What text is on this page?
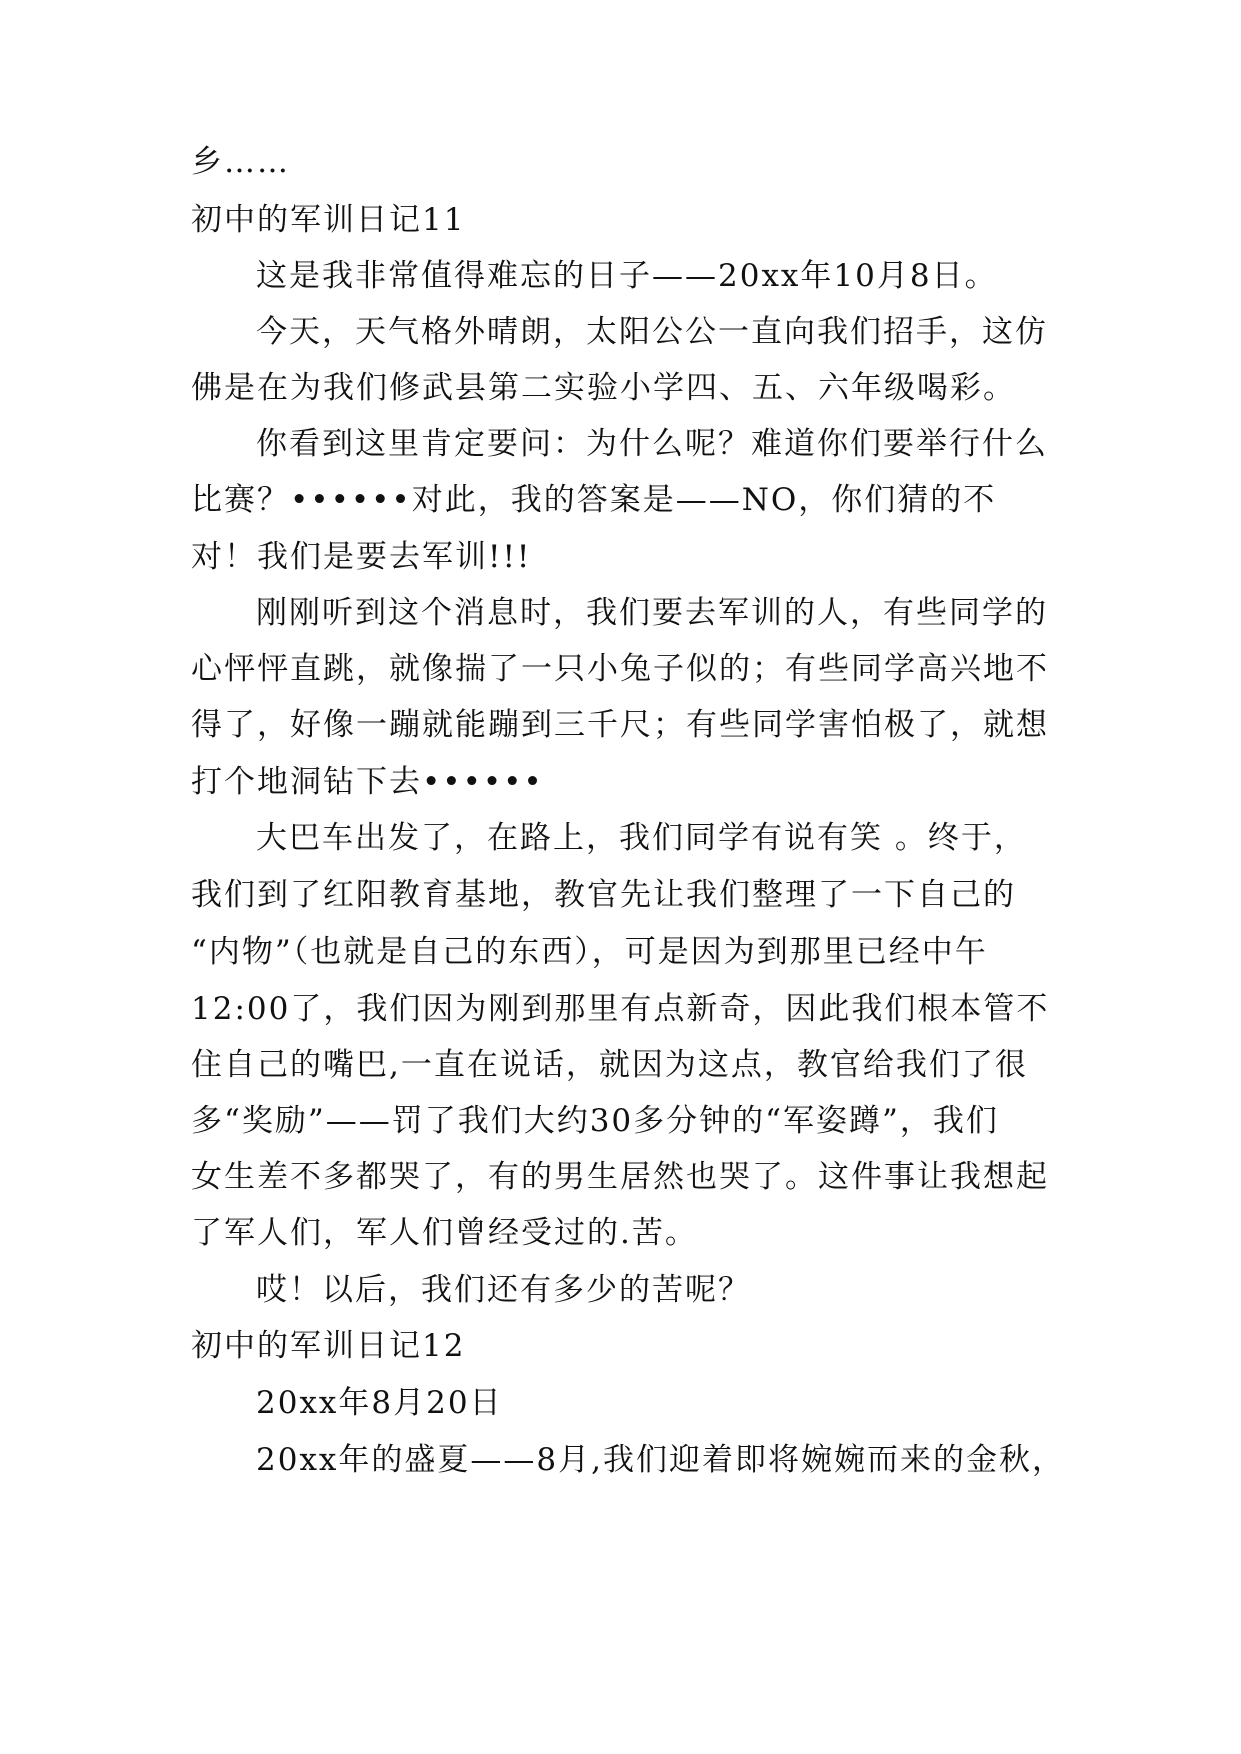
乡……
初中的军训日记11
这是我非常值得难忘的日子——20xx年10月8日。
今天，天气格外晴朗，太阳公公一直向我们招手，这仿
佛是在为我们修武县第二实验小学四、五、六年级喝彩。
你看到这里肯定要问：为什么呢？难道你们要举行什么
比赛？••••••对此，我的答案是——NO，你们猜的不
对！我们是要去军训!!!
刚刚听到这个消息时，我们要去军训的人，有些同学的
心怦怦直跳，就像揣了一只小兔子似的；有些同学高兴地不
得了，好像一蹦就能蹦到三千尺；有些同学害怕极了，就想
打个地洞钻下去••••••
大巴车出发了，在路上，我们同学有说有笑 。终于，
我们到了红阳教育基地，教官先让我们整理了一下自己的
“内物”（也就是自己的东西），可是因为到那里已经中午
12:00了，我们因为刚到那里有点新奇，因此我们根本管不
住自己的嘴巴,一直在说话，就因为这点，教官给我们了很
多“奖励”——罚了我们大约30多分钟的“军姿蹲”，我们
女生差不多都哭了，有的男生居然也哭了。这件事让我想起
了军人们，军人们曾经受过的.苦。
哎！以后，我们还有多少的苦呢？
初中的军训日记12
20xx年8月20日
20xx年的盛夏——8月,我们迎着即将婉婉而来的金秋，
